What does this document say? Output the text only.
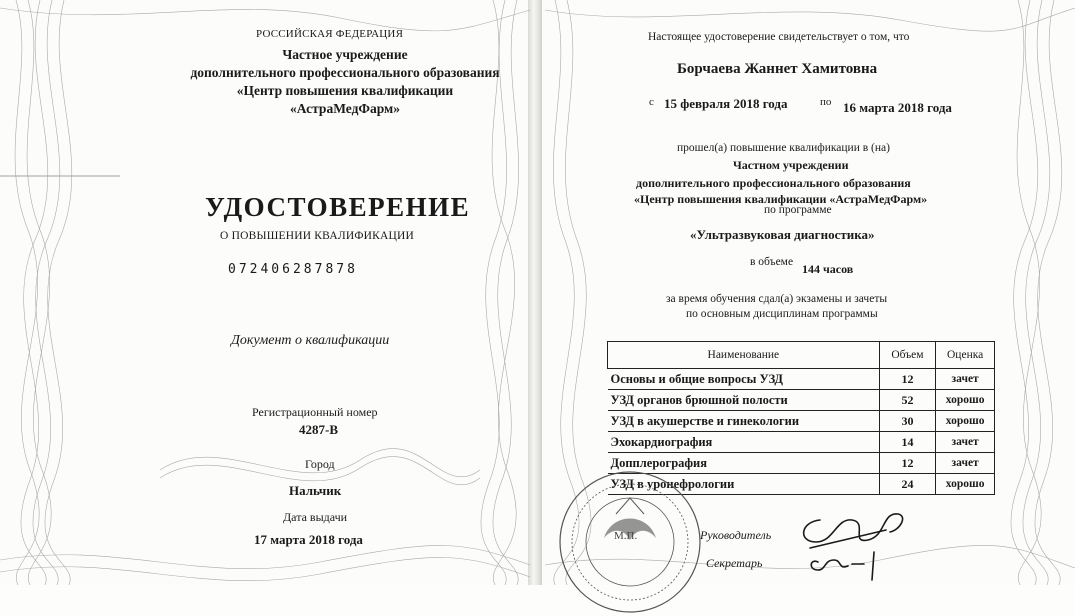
РОССИЙСКАЯ ФЕДЕРАЦИЯ
Частное учреждение
дополнительного профессионального образования
«Центр повышения квалификации
«АстраМедФарм»
УДОСТОВЕРЕНИЕ
О ПОВЫШЕНИИ КВАЛИФИКАЦИИ
072406287878
Документ о квалификации
Регистрационный номер
4287-В
Город
Нальчик
Дата выдачи
17 марта 2018 года
Настоящее удостоверение свидетельствует о том, что
Борчаева Жаннет Хамитовна
с 15 февраля 2018 года	по 16 марта 2018 года
прошел(а) повышение квалификации в (на)
Частном учреждении
дополнительного профессионального образования
«Центр повышения квалификации «АстраМедФарм»
по программе
«Ультразвуковая диагностика»
в объеме 144 часов
за время обучения сдал(а) экзамены и зачеты
по основным дисциплинам программы
Наименование	Объем	Оценка
Основы и общие вопросы УЗД	12	зачет
УЗД органов брюшной полости	52	хорошо
УЗД в акушерстве и гинекологии	30	хорошо
Эхокардиография	14	зачет
Допплерография	12	зачет
УЗД в уронефрологии	24	хорошо
М.П.	Руководитель
Секретарь
